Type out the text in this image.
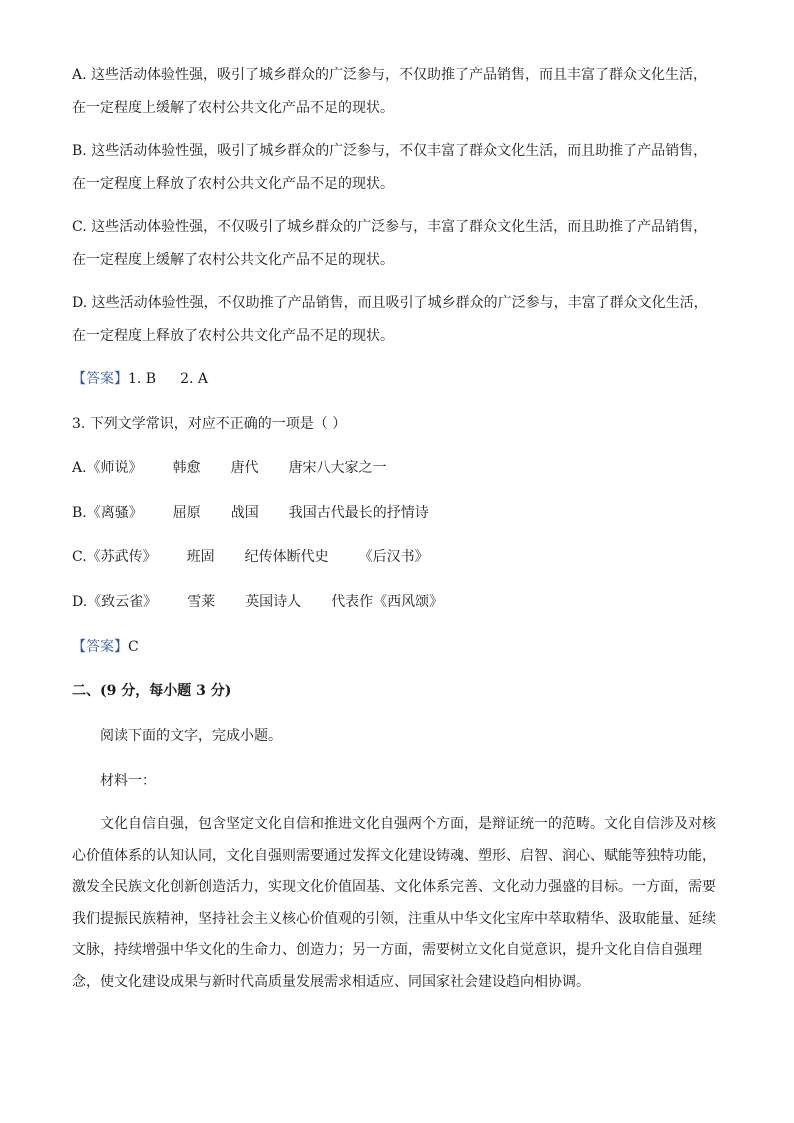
A. 这些活动体验性强，吸引了城乡群众的广泛参与，不仅助推了产品销售，而且丰富了群众文化生活，
在一定程度上缓解了农村公共文化产品不足的现状。
B. 这些活动体验性强，吸引了城乡群众的广泛参与，不仅丰富了群众文化生活，而且助推了产品销售，
在一定程度上释放了农村公共文化产品不足的现状。
C. 这些活动体验性强，不仅吸引了城乡群众的广泛参与，丰富了群众文化生活，而且助推了产品销售，
在一定程度上缓解了农村公共文化产品不足的现状。
D. 这些活动体验性强，不仅助推了产品销售，而且吸引了城乡群众的广泛参与，丰富了群众文化生活，
在一定程度上释放了农村公共文化产品不足的现状。
【答案】1. B 2. A
3. 下列文学常识，对应不正确的一项是（ ）
A.《师说》 韩愈 唐代 唐宋八大家之一
B.《离骚》 屈原 战国 我国古代最长的抒情诗
C.《苏武传》 班固 纪传体断代史 《后汉书》
D.《致云雀》 雪莱 英国诗人 代表作《西风颂》
【答案】C
二、(9 分，每小题 3 分)
阅读下面的文字，完成小题。
材料一：
文化自信自强，包含坚定文化自信和推进文化自强两个方面，是辩证统一的范畴。文化自信涉及对核心价值体系的认知认同，文化自强则需要通过发挥文化建设铸魂、塑形、启智、润心、赋能等独特功能，激发全民族文化创新创造活力，实现文化价值固基、文化体系完善、文化动力强盛的目标。一方面，需要我们提振民族精神，坚持社会主义核心价值观的引领，注重从中华文化宝库中萃取精华、汲取能量、延续文脉，持续增强中华文化的生命力、创造力；另一方面，需要树立文化自觉意识，提升文化自信自强理念，使文化建设成果与新时代高质量发展需求相适应、同国家社会建设趋向相协调。
